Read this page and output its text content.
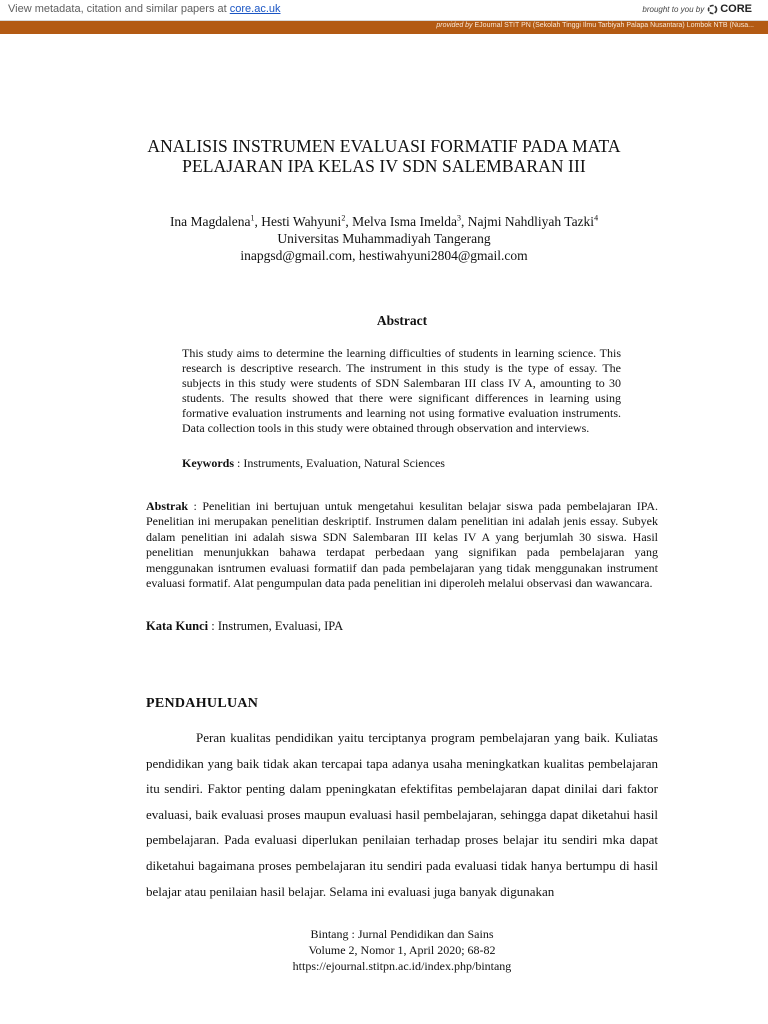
View metadata, citation and similar papers at core.ac.uk	brought to you by CORE
provided by EJournal STIT PN (Sekolah Tinggi Ilmu Tarbiyah Palapa Nusantara) Lombok NTB (Nusa...
ANALISIS INSTRUMEN EVALUASI FORMATIF PADA MATA
PELAJARAN IPA KELAS IV SDN SALEMBARAN III
Ina Magdalena$^1$, Hesti Wahyuni$^2$, Melva Isma Imelda$^3$, Najmi Nahdliyah Tazki$^4$
Universitas Muhammadiyah Tangerang
inapgsd@gmail.com, hestiwahyuni2804@gmail.com
Abstract
This study aims to determine the learning difficulties of students in learning science. This research is descriptive research. The instrument in this study is the type of essay. The subjects in this study were students of SDN Salembaran III class IV A, amounting to 30 students. The results showed that there were significant differences in learning using formative evaluation instruments and learning not using formative evaluation instruments. Data collection tools in this study were obtained through observation and interviews.
Keywords : Instruments, Evaluation, Natural Sciences
Abstrak : Penelitian ini bertujuan untuk mengetahui kesulitan belajar siswa pada pembelajaran IPA. Penelitian ini merupakan penelitian deskriptif. Instrumen dalam penelitian ini adalah jenis essay. Subyek dalam penelitian ini adalah siswa SDN Salembaran III kelas IV A yang berjumlah 30 siswa. Hasil penelitian menunjukkan bahawa terdapat perbedaan yang signifikan pada pembelajaran yang menggunakan isntrumen evaluasi formatiif dan pada pembelajaran yang tidak menggunakan instrument evaluasi formatif. Alat pengumpulan data pada penelitian ini diperoleh melalui observasi dan wawancara.
Kata Kunci : Instrumen, Evaluasi, IPA
PENDAHULUAN
Peran kualitas pendidikan yaitu terciptanya program pembelajaran yang baik. Kuliatas pendidikan yang baik tidak akan tercapai tapa adanya usaha meningkatkan kualitas pembelajaran itu sendiri. Faktor penting dalam ppeningkatan efektifitas pembelajaran dapat dinilai dari faktor evaluasi, baik evaluasi proses maupun evaluasi hasil pembelajaran, sehingga dapat diketahui hasil pembelajaran. Pada evaluasi diperlukan penilaian terhadap proses belajar itu sendiri mka dapat diketahui bagaimana proses pembelajaran itu sendiri pada evaluasi tidak hanya bertumpu di hasil belajar atau penilaian hasil belajar. Selama ini evaluasi juga banyak digunakan
Bintang : Jurnal Pendidikan dan Sains
Volume 2, Nomor 1, April 2020; 68-82
https://ejournal.stitpn.ac.id/index.php/bintang
